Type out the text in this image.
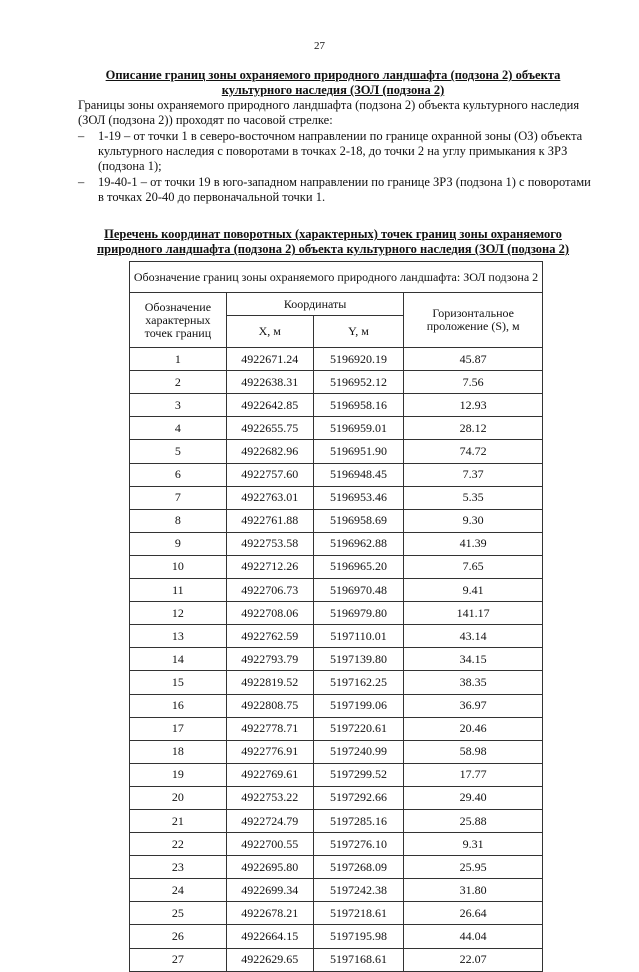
27
Описание границ зоны охраняемого природного ландшафта (подзона 2) объекта культурного наследия (ЗОЛ (подзона 2)
Границы зоны охраняемого природного ландшафта (подзона 2) объекта культурного наследия (ЗОЛ (подзона 2)) проходят по часовой стрелке:
– 1-19 – от точки 1 в северо-восточном направлении по границе охранной зоны (ОЗ) объекта культурного наследия с поворотами в точках 2-18, до точки 2 на углу примыкания к ЗРЗ (подзона 1);
– 19-40-1 – от точки 19 в юго-западном направлении по границе ЗРЗ (подзона 1) с поворотами в точках 20-40 до первоначальной точки 1.
Перечень координат поворотных (характерных) точек границ зоны охраняемого природного ландшафта (подзона 2) объекта культурного наследия (ЗОЛ (подзона 2)
Обозначение границ зоны охраняемого природного ландшафта: ЗОЛ подзона 2			
Обозначение характерных точек границ	Координаты		Горизонтальное проложение (S), м
	X, м	Y, м	
1	4922671.24	5196920.19	45.87
2	4922638.31	5196952.12	7.56
3	4922642.85	5196958.16	12.93
4	4922655.75	5196959.01	28.12
5	4922682.96	5196951.90	74.72
6	4922757.60	5196948.45	7.37
7	4922763.01	5196953.46	5.35
8	4922761.88	5196958.69	9.30
9	4922753.58	5196962.88	41.39
10	4922712.26	5196965.20	7.65
11	4922706.73	5196970.48	9.41
12	4922708.06	5196979.80	141.17
13	4922762.59	5197110.01	43.14
14	4922793.79	5197139.80	34.15
15	4922819.52	5197162.25	38.35
16	4922808.75	5197199.06	36.97
17	4922778.71	5197220.61	20.46
18	4922776.91	5197240.99	58.98
19	4922769.61	5197299.52	17.77
20	4922753.22	5197292.66	29.40
21	4922724.79	5197285.16	25.88
22	4922700.55	5197276.10	9.31
23	4922695.80	5197268.09	25.95
24	4922699.34	5197242.38	31.80
25	4922678.21	5197218.61	26.64
26	4922664.15	5197195.98	44.04
27	4922629.65	5197168.61	22.07
